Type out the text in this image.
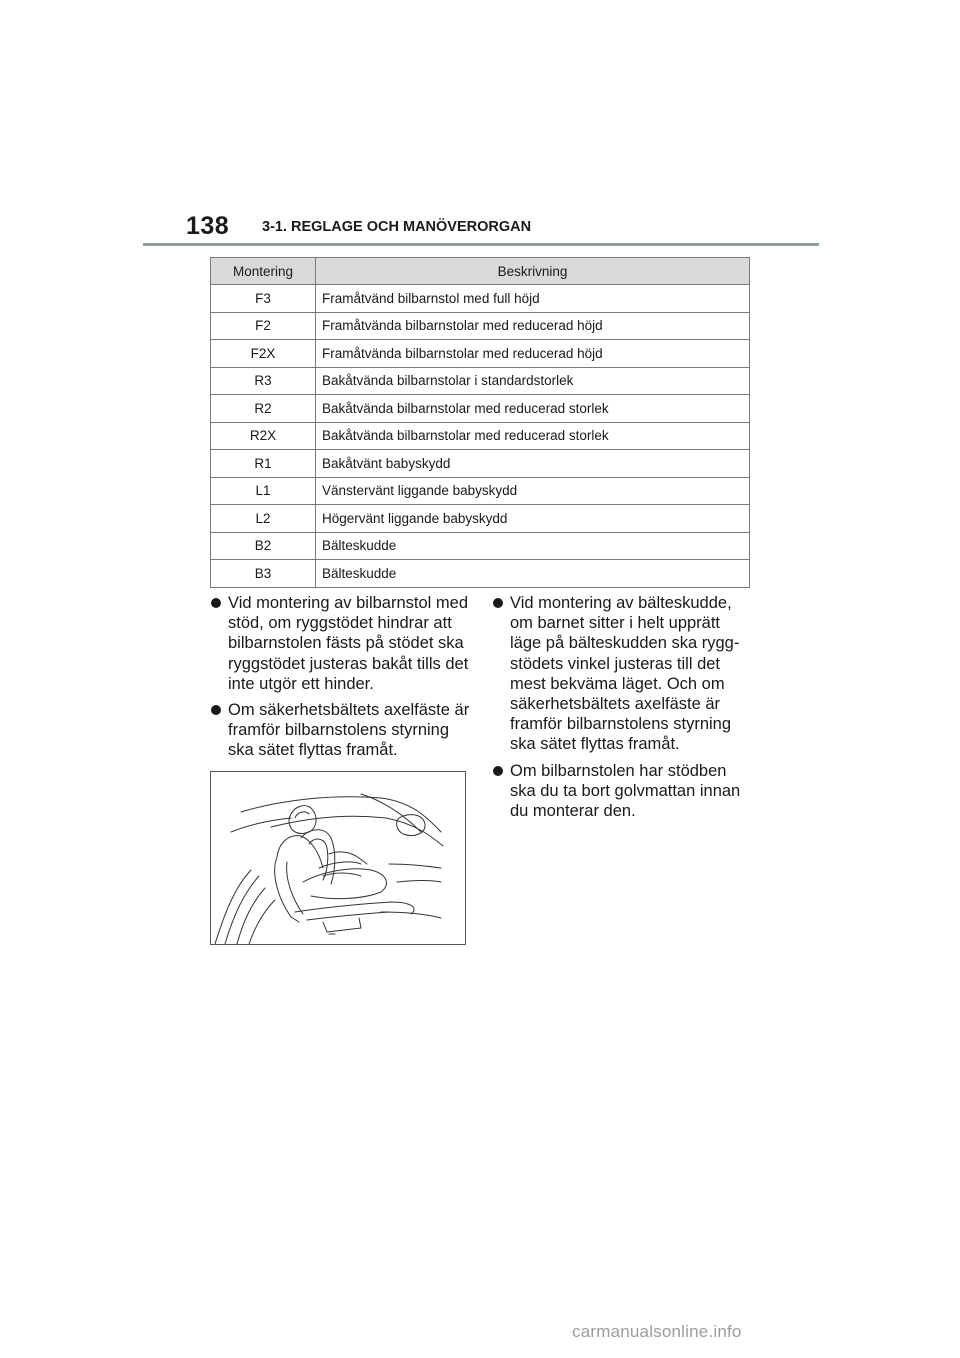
138 3-1. REGLAGE OCH MANÖVERORGAN
Montering	Beskrivning
F3	Framåtvänd bilbarnstol med full höjd
F2	Framåtvända bilbarnstolar med reducerad höjd
F2X	Framåtvända bilbarnstolar med reducerad höjd
R3	Bakåtvända bilbarnstolar i standardstorlek
R2	Bakåtvända bilbarnstolar med reducerad storlek
R2X	Bakåtvända bilbarnstolar med reducerad storlek
R1	Bakåtvänt babyskydd
L1	Vänstervänt liggande babyskydd
L2	Högervänt liggande babyskydd
B2	Bälteskudde
B3	Bälteskudde
Vid montering av bilbarnstol med
stöd, om ryggstödet hindrar att
bilbarnstolen fästs på stödet ska
ryggstödet justeras bakåt tills det
inte utgör ett hinder.
Om säkerhetsbältets axelfäste är
framför bilbarnstolens styrning
ska sätet flyttas framåt.
Vid montering av bälteskudde,
om barnet sitter i helt upprätt
läge på bälteskudden ska rygg-
stödets vinkel justeras till det
mest bekväma läget. Och om
säkerhetsbältets axelfäste är
framför bilbarnstolens styrning
ska sätet flyttas framåt.
Om bilbarnstolen har stödben
ska du ta bort golvmattan innan
du monterar den.
carmanualsonline.info
